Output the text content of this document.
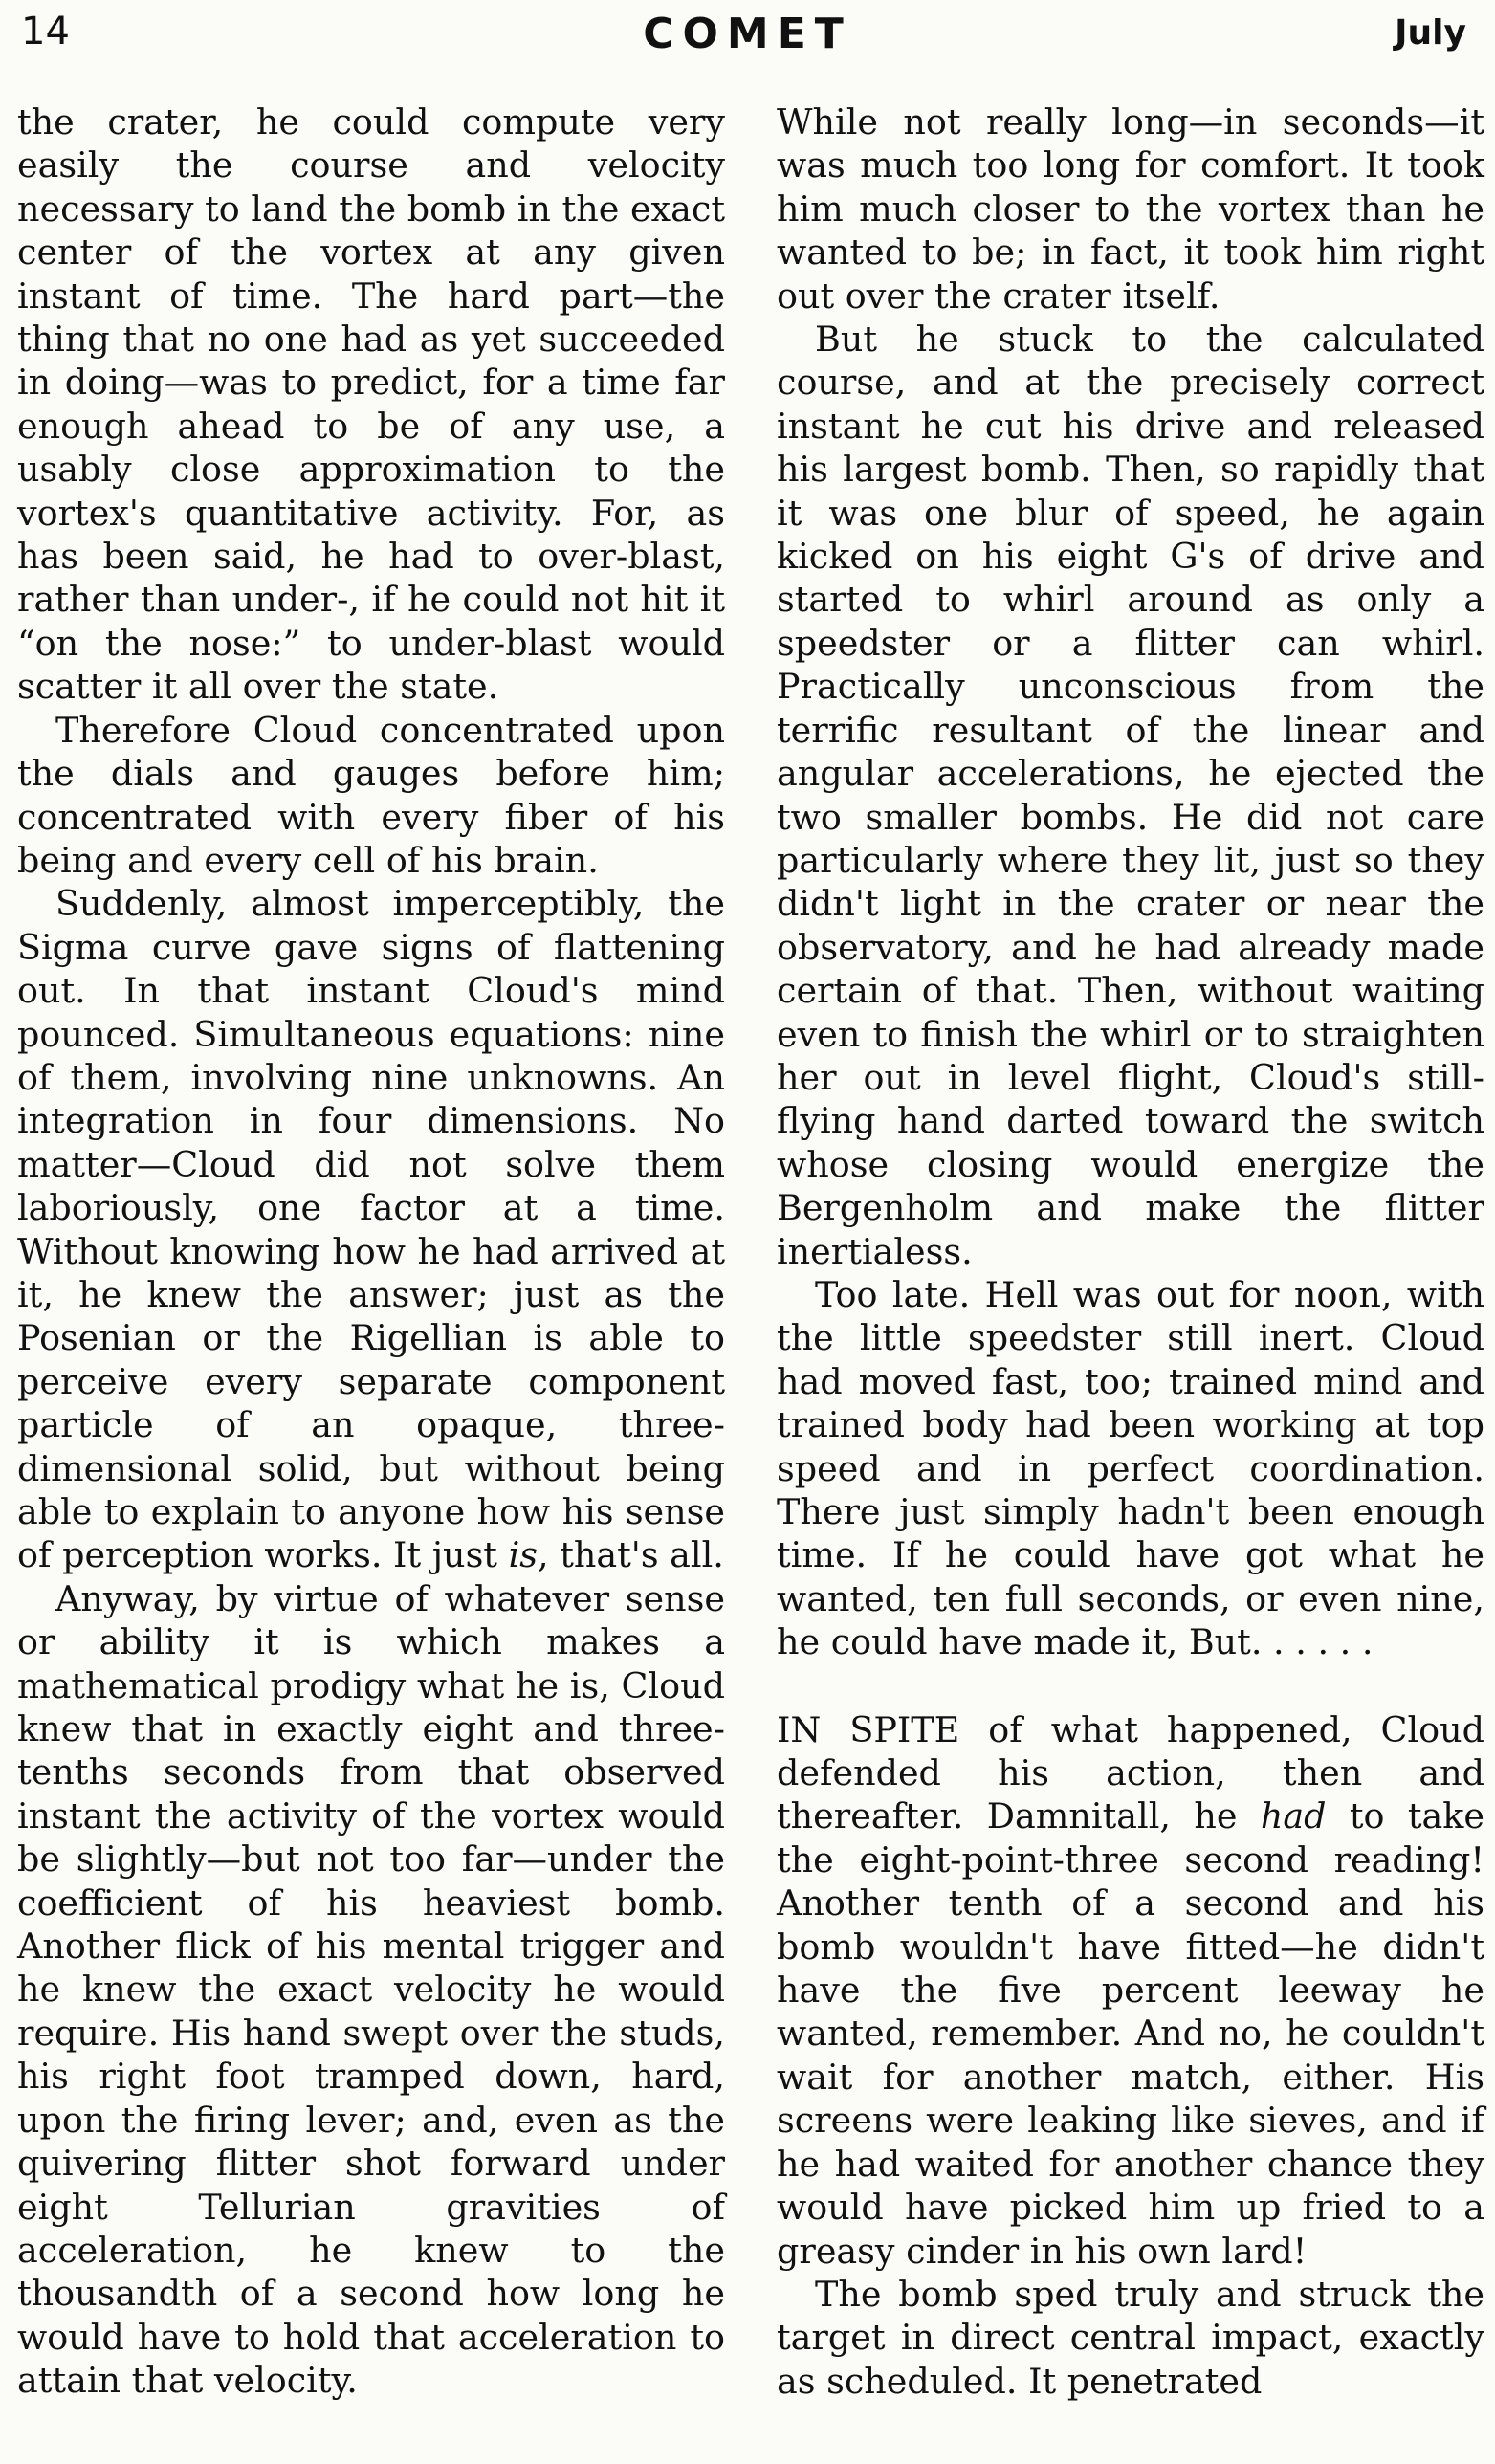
14	COMET	July

the crater, he could compute very easily the course and velocity necessary to land the bomb in the exact center of the vortex at any given instant of time. The hard part—the thing that no one had as yet succeeded in doing—was to predict, for a time far enough ahead to be of any use, a usably close approximation to the vortex's quantitative activity. For, as has been said, he had to over-blast, rather than under-, if he could not hit it “on the nose:” to under-blast would scatter it all over the state.

Therefore Cloud concentrated upon the dials and gauges before him; concentrated with every fiber of his being and every cell of his brain.

Suddenly, almost imperceptibly, the Sigma curve gave signs of flattening out. In that instant Cloud's mind pounced. Simultaneous equations: nine of them, involving nine unknowns. An integration in four dimensions. No matter—Cloud did not solve them laboriously, one factor at a time. Without knowing how he had arrived at it, he knew the answer; just as the Posenian or the Rigellian is able to perceive every separate component particle of an opaque, three-dimensional solid, but without being able to explain to anyone how his sense of perception works. It just is, that's all.

Anyway, by virtue of whatever sense or ability it is which makes a mathematical prodigy what he is, Cloud knew that in exactly eight and three-tenths seconds from that observed instant the activity of the vortex would be slightly—but not too far—under the coefficient of his heaviest bomb. Another flick of his mental trigger and he knew the exact velocity he would require. His hand swept over the studs, his right foot tramped down, hard, upon the firing lever; and, even as the quivering flitter shot forward under eight Tellurian gravities of acceleration, he knew to the thousandth of a second how long he would have to hold that acceleration to attain that velocity.

While not really long—in seconds—it was much too long for comfort. It took him much closer to the vortex than he wanted to be; in fact, it took him right out over the crater itself.

But he stuck to the calculated course, and at the precisely correct instant he cut his drive and released his largest bomb. Then, so rapidly that it was one blur of speed, he again kicked on his eight G's of drive and started to whirl around as only a speedster or a flitter can whirl. Practically unconscious from the terrific resultant of the linear and angular accelerations, he ejected the two smaller bombs. He did not care particularly where they lit, just so they didn't light in the crater or near the observatory, and he had already made certain of that. Then, without waiting even to finish the whirl or to straighten her out in level flight, Cloud's still-flying hand darted toward the switch whose closing would energize the Bergenholm and make the flitter inertialess.

Too late. Hell was out for noon, with the little speedster still inert. Cloud had moved fast, too; trained mind and trained body had been working at top speed and in perfect coordination. There just simply hadn't been enough time. If he could have got what he wanted, ten full seconds, or even nine, he could have made it, But. . . . . .

IN SPITE of what happened, Cloud defended his action, then and thereafter. Damnitall, he had to take the eight-point-three second reading! Another tenth of a second and his bomb wouldn't have fitted—he didn't have the five percent leeway he wanted, remember. And no, he couldn't wait for another match, either. His screens were leaking like sieves, and if he had waited for another chance they would have picked him up fried to a greasy cinder in his own lard!

The bomb sped truly and struck the target in direct central impact, exactly as scheduled. It penetrated
